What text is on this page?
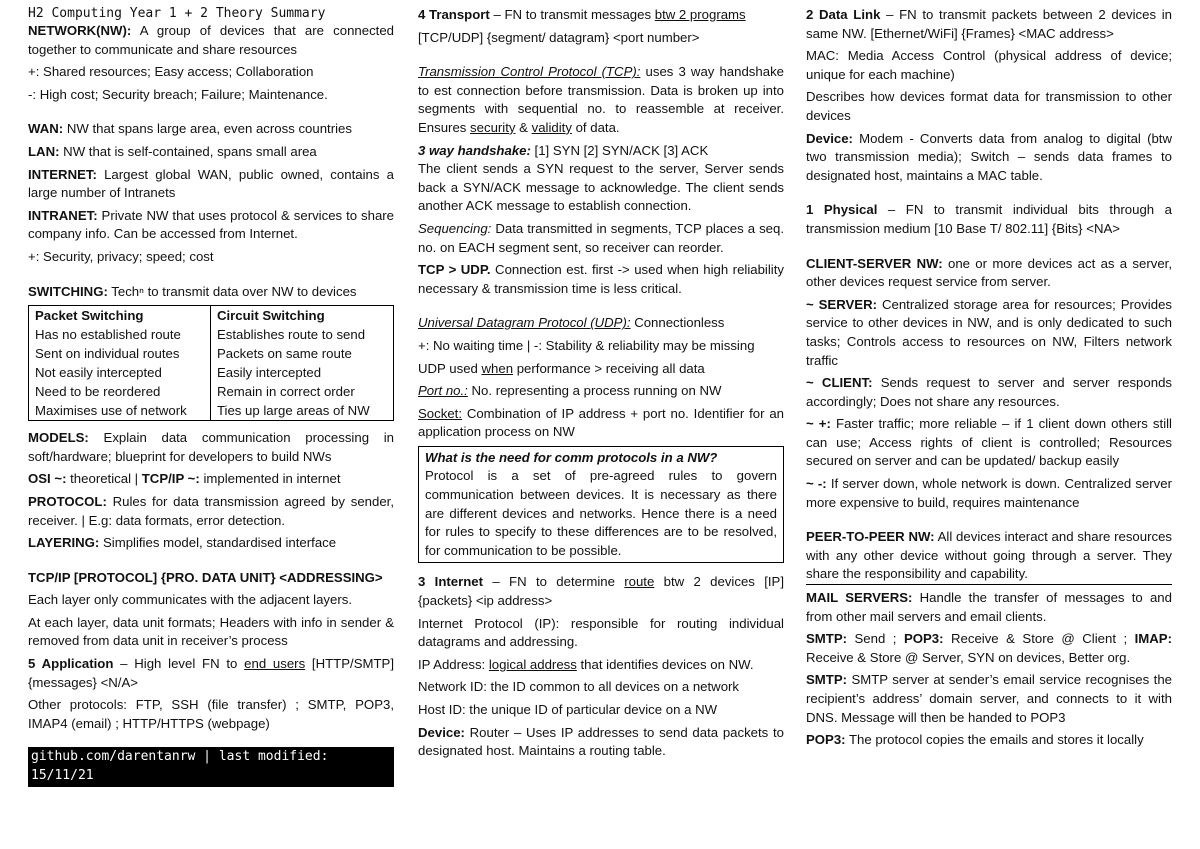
H2 Computing Year 1 + 2 Theory Summary

NETWORK(NW): A group of devices that are connected together to communicate and share resources

+: Shared resources; Easy access; Collaboration

-: High cost; Security breach; Failure; Maintenance.

WAN: NW that spans large area, even across countries

LAN: NW that is self-contained, spans small area

INTERNET: Largest global WAN, public owned, contains a large number of Intranets

INTRANET: Private NW that uses protocol & services to share company info. Can be accessed from Internet.

+: Security, privacy; speed; cost

SWITCHING: Techⁿ to transmit data over NW to devices

Packet Switching	Circuit Switching
Has no established route	Establishes route to send
Sent on individual routes	Packets on same route
Not easily intercepted	Easily intercepted
Need to be reordered	Remain in correct order
Maximises use of network	Ties up large areas of NW

MODELS: Explain data communication processing in soft/hardware; blueprint for developers to build NWs

OSI ~: theoretical | TCP/IP ~: implemented in internet

PROTOCOL: Rules for data transmission agreed by sender, receiver. | E.g: data formats, error detection.

LAYERING: Simplifies model, standardised interface

TCP/IP [PROTOCOL] {PRO. DATA UNIT} <ADDRESSING>

Each layer only communicates with the adjacent layers.

At each layer, data unit formats; Headers with info in sender & removed from data unit in receiver’s process

5 Application – High level FN to end users [HTTP/SMTP] {messages} <N/A>

Other protocols: FTP, SSH (file transfer) ; SMTP, POP3, IMAP4 (email) ; HTTP/HTTPS (webpage)

github.com/darentanrw | last modified: 15/11/21

4 Transport – FN to transmit messages btw 2 programs

[TCP/UDP] {segment/ datagram} <port number>

Transmission Control Protocol (TCP): uses 3 way handshake to est connection before transmission. Data is broken up into segments with sequential no. to reassemble at receiver. Ensures security & validity of data.

3 way handshake: [1] SYN [2] SYN/ACK [3] ACK

The client sends a SYN request to the server, Server sends back a SYN/ACK message to acknowledge. The client sends another ACK message to establish connection.

Sequencing: Data transmitted in segments, TCP places a seq. no. on EACH segment sent, so receiver can reorder.

TCP > UDP. Connection est. first -> used when high reliability necessary & transmission time is less critical.

Universal Datagram Protocol (UDP): Connectionless

+: No waiting time | -: Stability & reliability may be missing

UDP used when performance > receiving all data

Port no.: No. representing a process running on NW

Socket: Combination of IP address + port no. Identifier for an application process on NW

What is the need for comm protocols in a NW?

Protocol is a set of pre-agreed rules to govern communication between devices. It is necessary as there are different devices and networks. Hence there is a need for rules to specify to these differences are to be resolved, for communication to be possible.

3 Internet – FN to determine route btw 2 devices [IP] {packets} <ip address>

Internet Protocol (IP): responsible for routing individual datagrams and addressing.

IP Address: logical address that identifies devices on NW.

Network ID: the ID common to all devices on a network

Host ID: the unique ID of particular device on a NW

Device: Router – Uses IP addresses to send data packets to designated host. Maintains a routing table.

2 Data Link – FN to transmit packets between 2 devices in same NW. [Ethernet/WiFi] {Frames} <MAC address>

MAC: Media Access Control (physical address of device; unique for each machine)

Describes how devices format data for transmission to other devices

Device: Modem - Converts data from analog to digital (btw two transmission media); Switch – sends data frames to designated host, maintains a MAC table.

1 Physical – FN to transmit individual bits through a transmission medium [10 Base T/ 802.11] {Bits} <NA>

CLIENT-SERVER NW: one or more devices act as a server, other devices request service from server.

~ SERVER: Centralized storage area for resources; Provides service to other devices in NW, and is only dedicated to such tasks; Controls access to resources on NW, Filters network traffic

~ CLIENT: Sends request to server and server responds accordingly; Does not share any resources.

~ +: Faster traffic; more reliable – if 1 client down others still can use; Access rights of client is controlled; Resources secured on server and can be updated/ backup easily

~ -: If server down, whole network is down. Centralized server more expensive to build, requires maintenance

PEER-TO-PEER NW: All devices interact and share resources with any other device without going through a server. They share the responsibility and capability.

MAIL SERVERS: Handle the transfer of messages to and from other mail servers and email clients.

SMTP: Send ; POP3: Receive & Store @ Client ; IMAP: Receive & Store @ Server, SYN on devices, Better org.

SMTP: SMTP server at sender’s email service recognises the recipient’s address’ domain server, and connects to it with DNS. Message will then be handed to POP3

POP3: The protocol copies the emails and stores it locally
